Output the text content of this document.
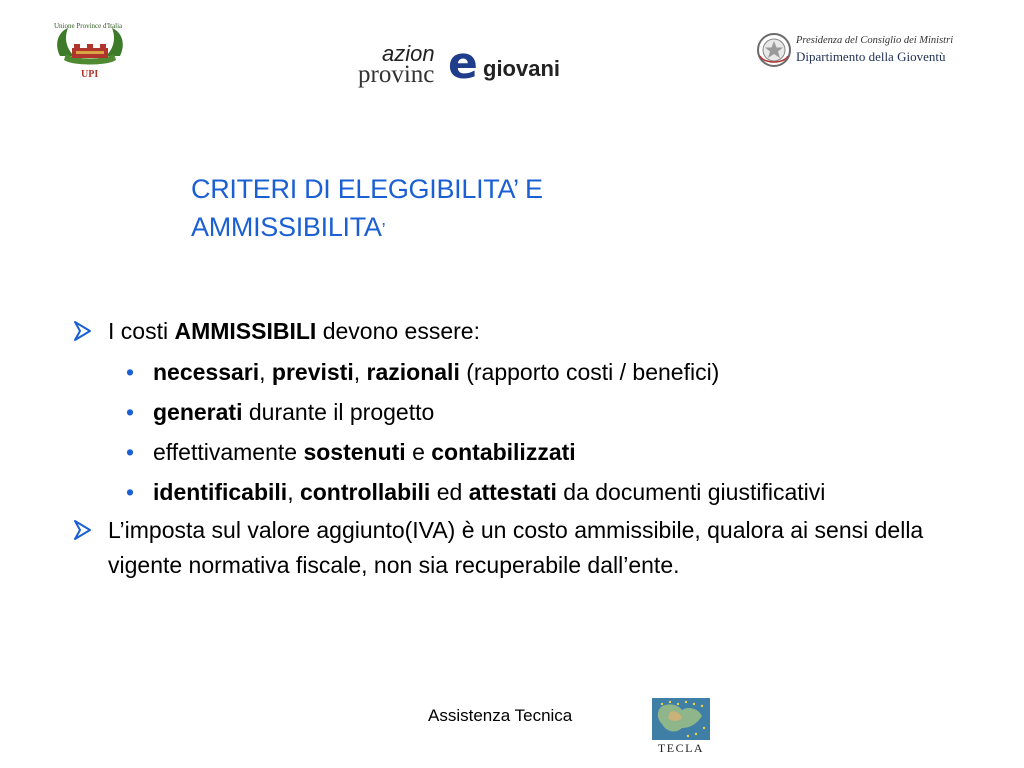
Unione Province d'Italia
UPI
azion
provinc e giovani
Presidenza del Consiglio dei Ministri
Dipartimento della Gioventù
CRITERI DI ELEGGIBILITA’ E
AMMISSIBILITA’
I costi AMMISSIBILI devono essere:
• necessari, previsti, razionali (rapporto costi / benefici)
• generati durante il progetto
• effettivamente sostenuti e contabilizzati
• identificabili, controllabili ed attestati da documenti giustificativi
L’imposta sul valore aggiunto(IVA) è un costo ammissibile, qualora ai sensi della vigente normativa fiscale, non sia recuperabile dall’ente.
Assistenza Tecnica
TECLA
